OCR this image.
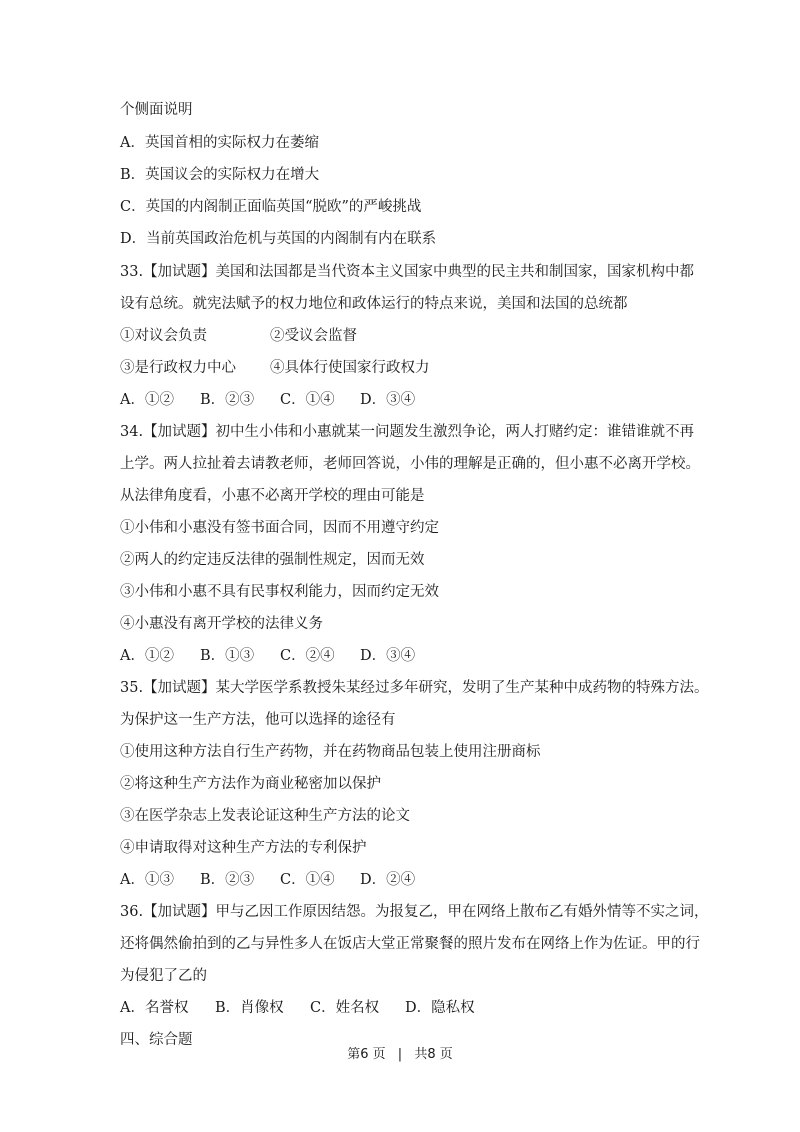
个侧面说明
A．英国首相的实际权力在萎缩
B．英国议会的实际权力在增大
C．英国的内阁制正面临英国“脱欧”的严峻挑战
D．当前英国政治危机与英国的内阁制有内在联系
33.【加试题】美国和法国都是当代资本主义国家中典型的民主共和制国家，国家机构中都
设有总统。就宪法赋予的权力地位和政体运行的特点来说，美国和法国的总统都
①对议会负责	②受议会监督
③是行政权力中心 ④具体行使国家行政权力
A．①② B．②③ C．①④ D．③④
34.【加试题】初中生小伟和小惠就某一问题发生激烈争论，两人打赌约定：谁错谁就不再
上学。两人拉扯着去请教老师，老师回答说，小伟的理解是正确的，但小惠不必离开学校。
从法律角度看，小惠不必离开学校的理由可能是
①小伟和小惠没有签书面合同，因而不用遵守约定
②两人的约定违反法律的强制性规定，因而无效
③小伟和小惠不具有民事权利能力，因而约定无效
④小惠没有离开学校的法律义务
A．①② B．①③ C．②④ D．③④
35.【加试题】某大学医学系教授朱某经过多年研究，发明了生产某种中成药物的特殊方法。
为保护这一生产方法，他可以选择的途径有
①使用这种方法自行生产药物，并在药物商品包装上使用注册商标
②将这种生产方法作为商业秘密加以保护
③在医学杂志上发表论证这种生产方法的论文
④申请取得对这种生产方法的专利保护
A．①③ B．②③ C．①④ D．②④
36.【加试题】甲与乙因工作原因结怨。为报复乙，甲在网络上散布乙有婚外情等不实之词，
还将偶然偷拍到的乙与异性多人在饭店大堂正常聚餐的照片发布在网络上作为佐证。甲的行
为侵犯了乙的
A．名誉权 B．肖像权 C．姓名权 D．隐私权
四、综合题
第6 页 | 共8 页
